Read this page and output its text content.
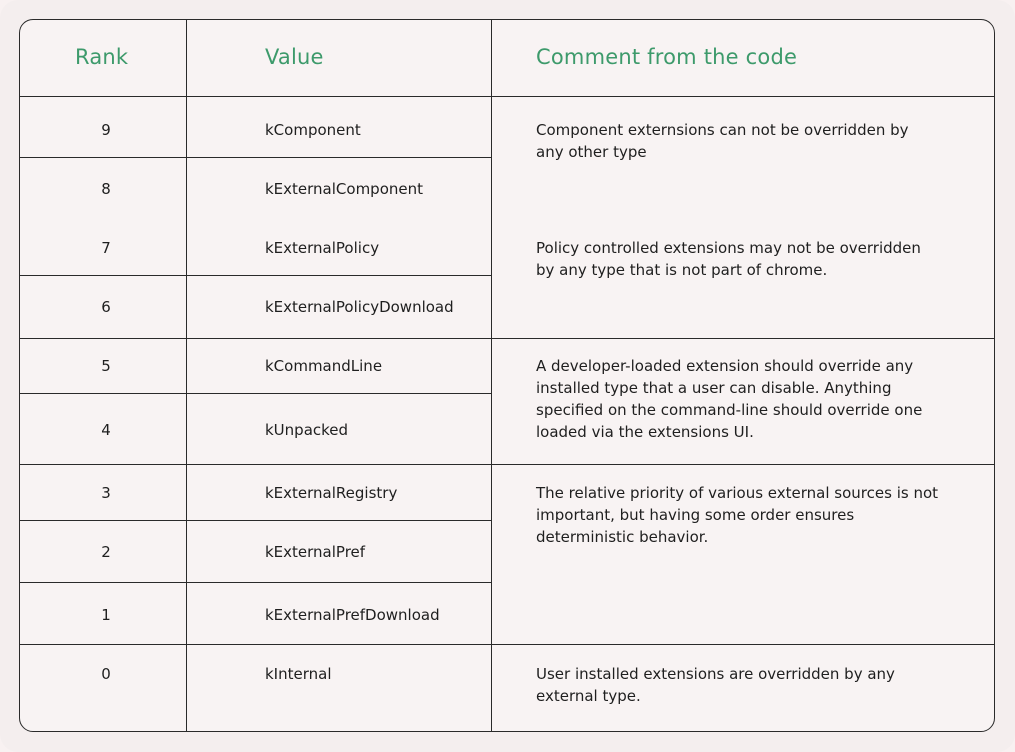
Rank	Value	Comment from the code
9
8
7
6
5
4
3
2
1
0
kComponent
kExternalComponent
kExternalPolicy
kExternalPolicyDownload
kCommandLine
kUnpacked
kExternalRegistry
kExternalPref
kExternalPrefDownload
kInternal
Component externsions can not be overridden by
any other type
Policy controlled extensions may not be overridden
by any type that is not part of chrome.
A developer-loaded extension should override any
installed type that a user can disable. Anything
specified on the command-line should override one
loaded via the extensions UI.
The relative priority of various external sources is not
important, but having some order ensures
deterministic behavior.
User installed extensions are overridden by any
external type.
